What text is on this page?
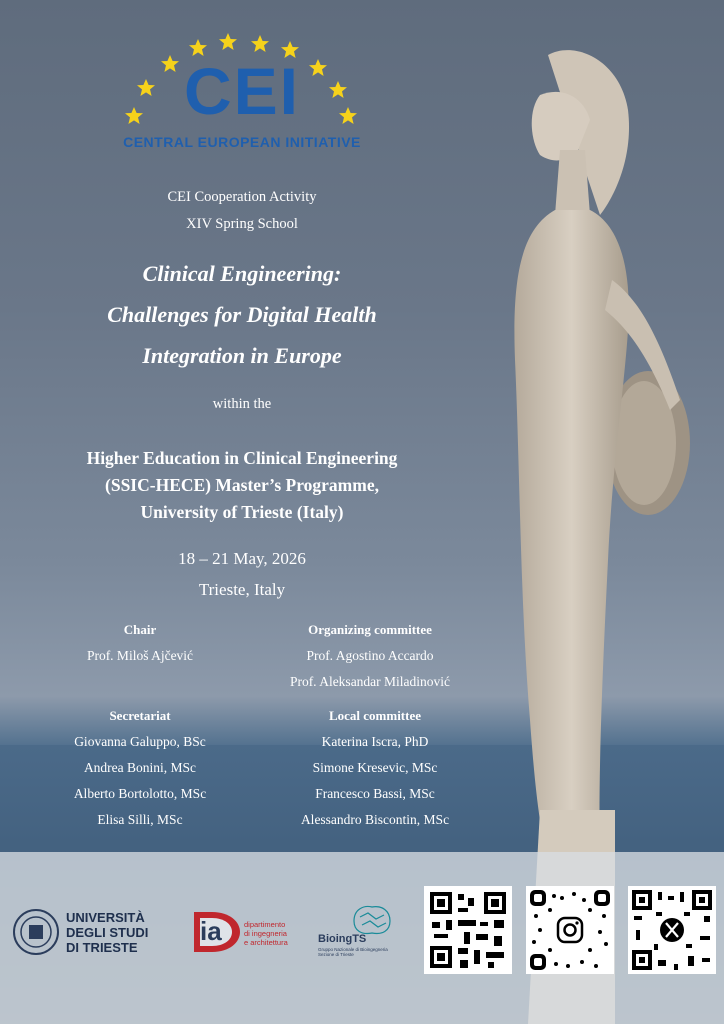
CEI
CENTRAL EUROPEAN INITIATIVE
CEI Cooperation Activity
XIV Spring School
Clinical Engineering:
Challenges for Digital Health
Integration in Europe
within the
Higher Education in Clinical Engineering
(SSIC-HECE) Master’s Programme,
University of Trieste (Italy)
18 – 21 May, 2026
Trieste, Italy
Chair
Prof. Miloš Ajčević
Organizing committee
Prof. Agostino Accardo
Prof. Aleksandar Miladinović
Secretariat
Giovanna Galuppo, BSc
Andrea Bonini, MSc
Alberto Bortolotto, MSc
Elisa Silli, MSc
Local committee
Katerina Iscra, PhD
Simone Kresevic, MSc
Francesco Bassi, MSc
Alessandro Biscontin, MSc
UNIVERSITÀ
DEGLI STUDI
DI TRIESTE
ia	dipartimento
di ingegneria
e architettura	BioingTS
Gruppo Nazionale di Bioingegneria
Sezione di Trieste
